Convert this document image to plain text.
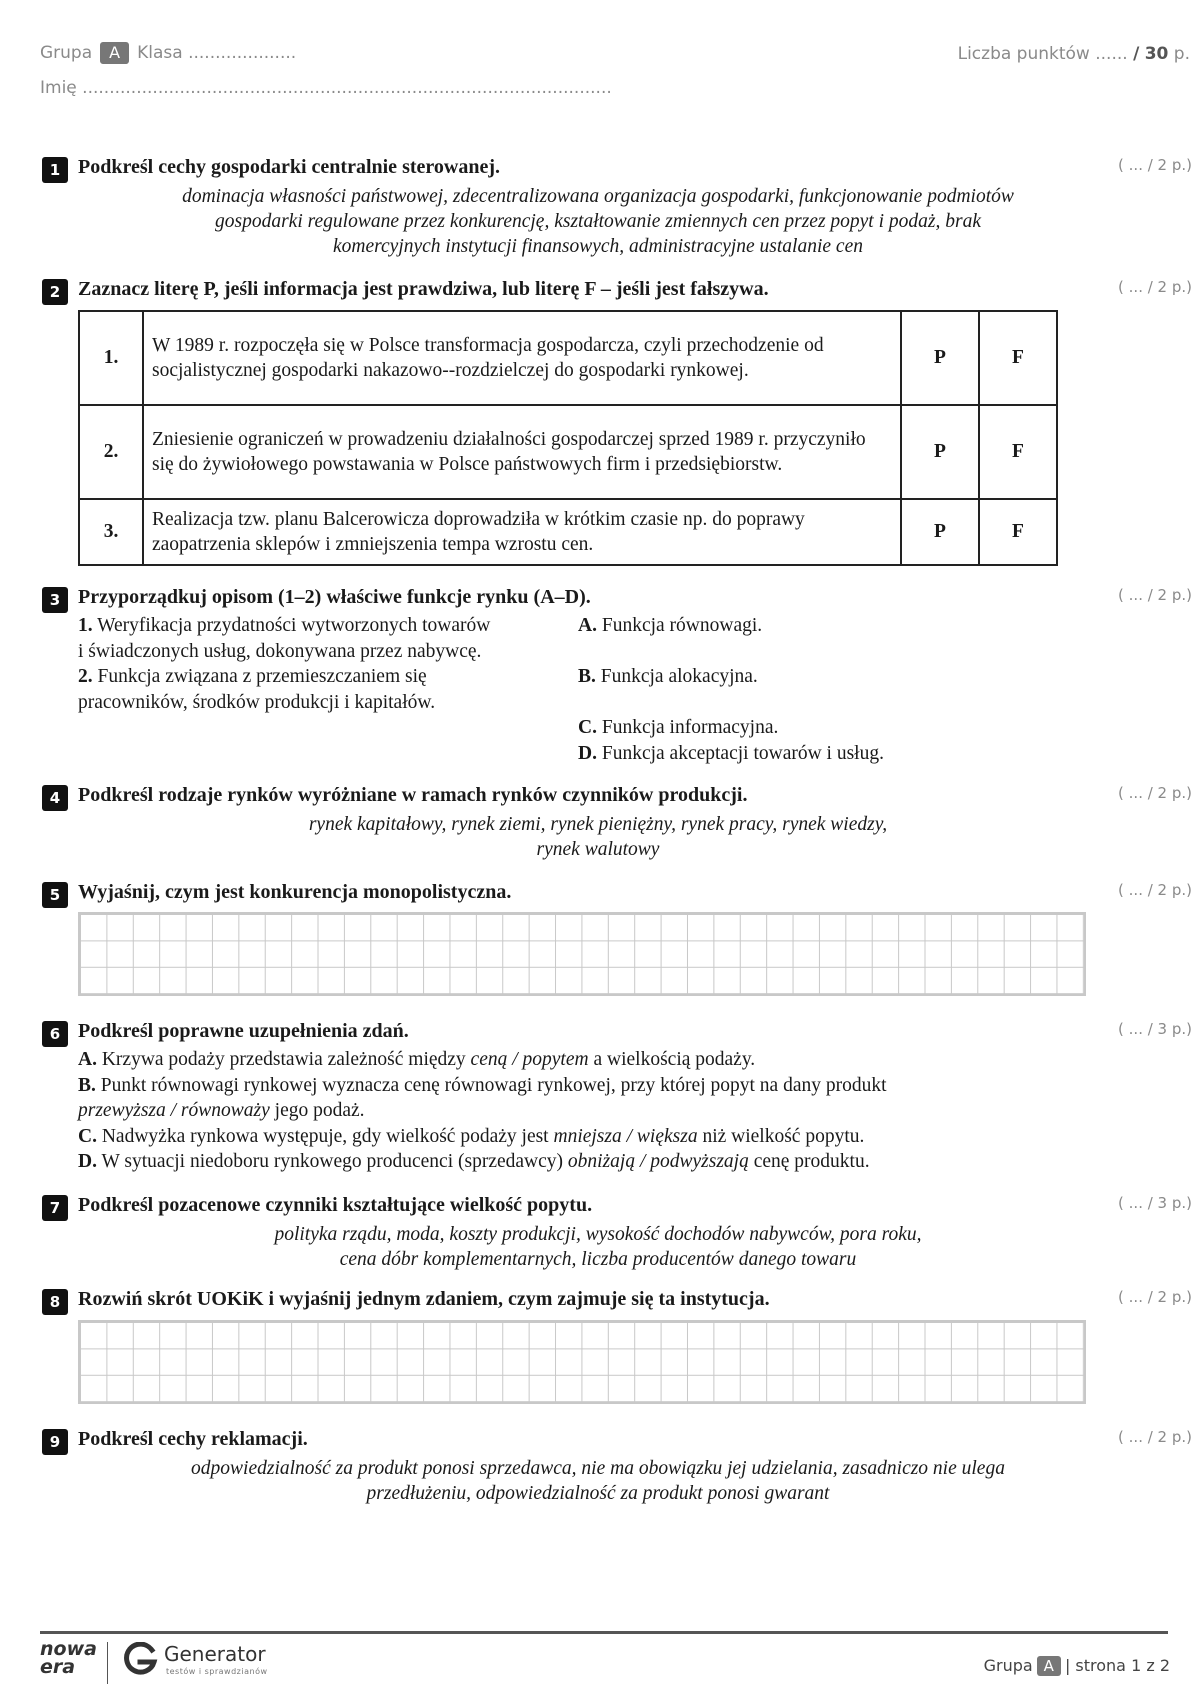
Grupa A Klasa ....................
Imię ..................................................................................................
Liczba punktów ...... / 30 p.
1 Podkreśl cechy gospodarki centralnie sterowanej.	( ... / 2 p.)
dominacja własności państwowej, zdecentralizowana organizacja gospodarki, funkcjonowanie podmiotów
gospodarki regulowane przez konkurencję, kształtowanie zmiennych cen przez popyt i podaż, brak
komercyjnych instytucji finansowych, administracyjne ustalanie cen
2 Zaznacz literę P, jeśli informacja jest prawdziwa, lub literę F – jeśli jest fałszywa.	( ... / 2 p.)
1.	W 1989 r. rozpoczęła się w Polsce transformacja gospodarcza, czyli przechodzenie od socjalistycznej gospodarki nakazowo--rozdzielczej do gospodarki rynkowej.	P	F
2.	Zniesienie ograniczeń w prowadzeniu działalności gospodarczej sprzed 1989 r. przyczyniło się do żywiołowego powstawania w Polsce państwowych firm i przedsiębiorstw.	P	F
3.	Realizacja tzw. planu Balcerowicza doprowadziła w krótkim czasie np. do poprawy zaopatrzenia sklepów i zmniejszenia tempa wzrostu cen.	P	F
3 Przyporządkuj opisom (1–2) właściwe funkcje rynku (A–D).	( ... / 2 p.)
1. Weryfikacja przydatności wytworzonych towarów
i świadczonych usług, dokonywana przez nabywcę.
2. Funkcja związana z przemieszczaniem się
pracowników, środków produkcji i kapitałów.
A. Funkcja równowagi.
B. Funkcja alokacyjna.
C. Funkcja informacyjna.
D. Funkcja akceptacji towarów i usług.
4 Podkreśl rodzaje rynków wyróżniane w ramach rynków czynników produkcji.	( ... / 2 p.)
rynek kapitałowy, rynek ziemi, rynek pieniężny, rynek pracy, rynek wiedzy,
rynek walutowy
5 Wyjaśnij, czym jest konkurencja monopolistyczna.	( ... / 2 p.)
6 Podkreśl poprawne uzupełnienia zdań.	( ... / 3 p.)
A. Krzywa podaży przedstawia zależność między ceną / popytem a wielkością podaży.
B. Punkt równowagi rynkowej wyznacza cenę równowagi rynkowej, przy której popyt na dany produkt
przewyższa / równoważy jego podaż.
C. Nadwyżka rynkowa występuje, gdy wielkość podaży jest mniejsza / większa niż wielkość popytu.
D. W sytuacji niedoboru rynkowego producenci (sprzedawcy) obniżają / podwyższają cenę produktu.
7 Podkreśl pozacenowe czynniki kształtujące wielkość popytu.	( ... / 3 p.)
polityka rządu, moda, koszty produkcji, wysokość dochodów nabywców, pora roku,
cena dóbr komplementarnych, liczba producentów danego towaru
8 Rozwiń skrót UOKiK i wyjaśnij jednym zdaniem, czym zajmuje się ta instytucja.	( ... / 2 p.)
9 Podkreśl cechy reklamacji.	( ... / 2 p.)
odpowiedzialność za produkt ponosi sprzedawca, nie ma obowiązku jej udzielania, zasadniczo nie ulega
przedłużeniu, odpowiedzialność za produkt ponosi gwarant
nowa
era
Generator
testów i sprawdzianów	Grupa A | strona 1 z 2
